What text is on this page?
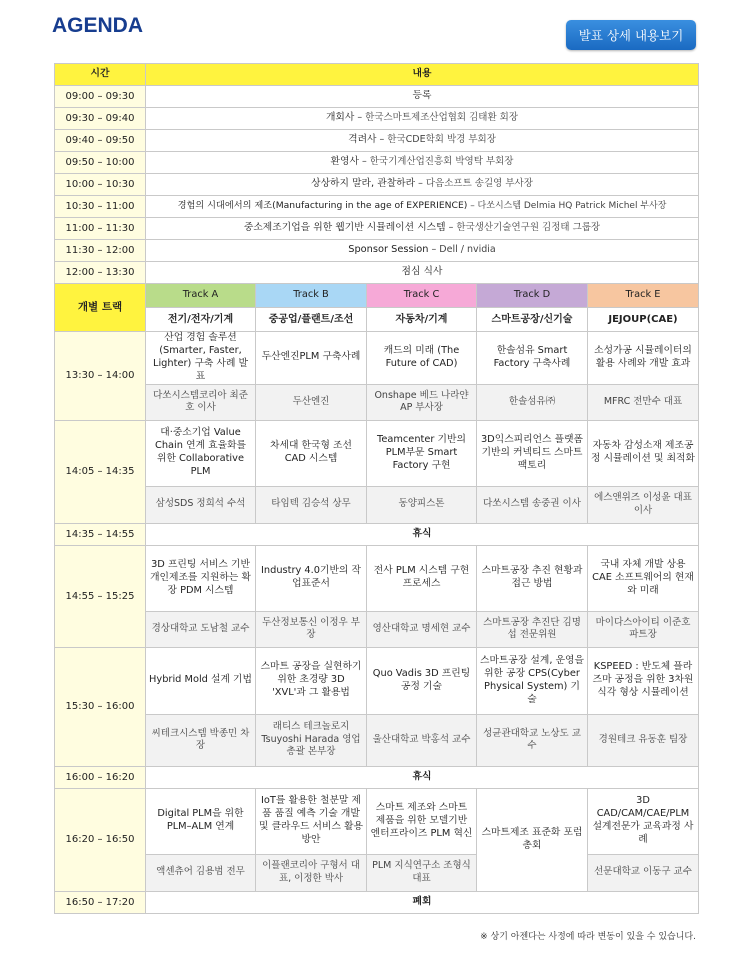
AGENDA	발표 상세 내용보기
시간	내용				
09:00 – 09:30	등록				
09:30 – 09:40	개회사 – 한국스마트제조산업협회 김태환 회장				
09:40 – 09:50	격려사 – 한국CDE학회 박경 부회장				
09:50 – 10:00	환영사 – 한국기계산업진흥회 박영탁 부회장				
10:00 – 10:30	상상하지 말라, 관찰하라 – 다음소프트 송길영 부사장				
10:30 – 11:00	경험의 시대에서의 제조(Manufacturing in the age of EXPERIENCE) – 다쏘시스템 Delmia HQ Patrick Michel 부사장				
11:00 – 11:30	중소제조기업을 위한 웹기반 시뮬레이션 시스템 – 한국생산기술연구원 김정태 그룹장				
11:30 – 12:00	Sponsor Session – Dell / nvidia				
12:00 – 13:30	점심 식사				
개별 트랙	Track A	Track B	Track C	Track D	Track E
	전기/전자/기계	중공업/플랜트/조선	자동차/기계	스마트공장/신기술	JEJOUP(CAE)
13:30 – 14:00	산업 경험 솔루션 (Smarter, Faster, Lighter) 구축 사례 발표	두산엔진PLM 구축사례	캐드의 미래 (The Future of CAD)	한솔섬유 Smart Factory 구축사례	소성가공 시뮬레이터의 활용 사례와 개발 효과
	다쏘시스템코리아 최준호 이사	두산엔진	Onshape 베드 나라얀 AP 부사장	한솔섬유㈜	MFRC 전만수 대표
14:05 – 14:35	대·중소기업 Value Chain 연계 효율화를 위한 Collaborative PLM	차세대 한국형 조선 CAD 시스템	Teamcenter 기반의 PLM부문 Smart Factory 구현	3D익스피리언스 플랫폼 기반의 커넥티드 스마트 팩토리	자동차 감성소재 제조공정 시뮬레이션 및 최적화
	삼성SDS 정희석 수석	타임텍 김승석 상무	동양피스톤	다쏘시스템 송중권 이사	에스앤위즈 이성윤 대표이사
14:35 – 14:55	휴식				
14:55 – 15:25	3D 프린팅 서비스 기반 개인제조를 지원하는 확장 PDM 시스템	Industry 4.0기반의 작업표준서	전사 PLM 시스템 구현 프로세스	스마트공장 추진 현황과 접근 방법	국내 자체 개발 상용 CAE 소프트웨어의 현재와 미래
	경상대학교 도남철 교수	두산정보통신 이정우 부장	영산대학교 명세현 교수	스마트공장 추진단 김명섭 전문위원	마이다스아이티 이준호 파트장
15:30 – 16:00	Hybrid Mold 설계 기법	스마트 공장을 실현하기 위한 초경량 3D 'XVL'과 그 활용법	Quo Vadis 3D 프린팅 공정 기술	스마트공장 설계, 운영을 위한 공장 CPS(Cyber Physical System) 기술	KSPEED : 반도체 플라즈마 공정을 위한 3차원 식각 형상 시뮬레이션
	씨테크시스템 박종민 차장	래티스 테크놀로지 Tsuyoshi Harada 영업총괄 본부장	울산대학교 박홍석 교수	성균관대학교 노상도 교수	경원테크 유동훈 팀장
16:00 – 16:20	휴식				
16:20 – 16:50	Digital PLM을 위한 PLM–ALM 연계	IoT를 활용한 철분말 제품 품질 예측 기술 개발 및 클라우드 서비스 활용 방안	스마트 제조와 스마트 제품을 위한 모델기반 엔터프라이즈 PLM 혁신	스마트제조 표준화 포럼 총회	3D CAD/CAM/CAE/PLM 설계전문가 교육과정 사례
	액센츄어 김용범 전무	이플랜코리아 구형서 대표, 이정한 박사	PLM 지식연구소 조형식 대표		선문대학교 이동구 교수
16:50 – 17:20	폐회				
※ 상기 아젠다는 사정에 따라 변동이 있을 수 있습니다.
